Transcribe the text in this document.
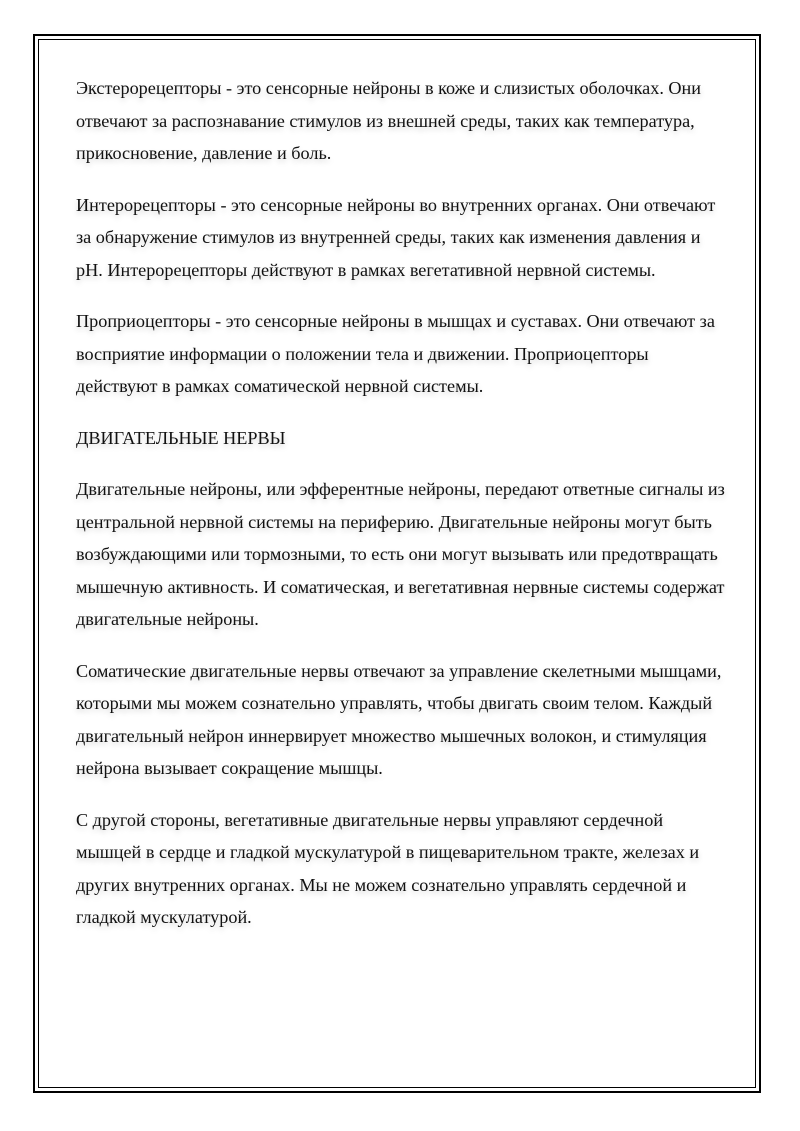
Экстерорецепторы - это сенсорные нейроны в коже и слизистых оболочках. Они отвечают за распознавание стимулов из внешней среды, таких как температура, прикосновение, давление и боль.

Интерорецепторы - это сенсорные нейроны во внутренних органах. Они отвечают за обнаружение стимулов из внутренней среды, таких как изменения давления и pH. Интерорецепторы действуют в рамках вегетативной нервной системы.

Проприоцепторы - это сенсорные нейроны в мышцах и суставах. Они отвечают за восприятие информации о положении тела и движении. Проприоцепторы действуют в рамках соматической нервной системы.

ДВИГАТЕЛЬНЫЕ НЕРВЫ

Двигательные нейроны, или эфферентные нейроны, передают ответные сигналы из центральной нервной системы на периферию. Двигательные нейроны могут быть возбуждающими или тормозными, то есть они могут вызывать или предотвращать мышечную активность. И соматическая, и вегетативная нервные системы содержат двигательные нейроны.

Соматические двигательные нервы отвечают за управление скелетными мышцами, которыми мы можем сознательно управлять, чтобы двигать своим телом. Каждый двигательный нейрон иннервирует множество мышечных волокон, и стимуляция нейрона вызывает сокращение мышцы.

С другой стороны, вегетативные двигательные нервы управляют сердечной мышцей в сердце и гладкой мускулатурой в пищеварительном тракте, железах и других внутренних органах. Мы не можем сознательно управлять сердечной и гладкой мускулатурой.
